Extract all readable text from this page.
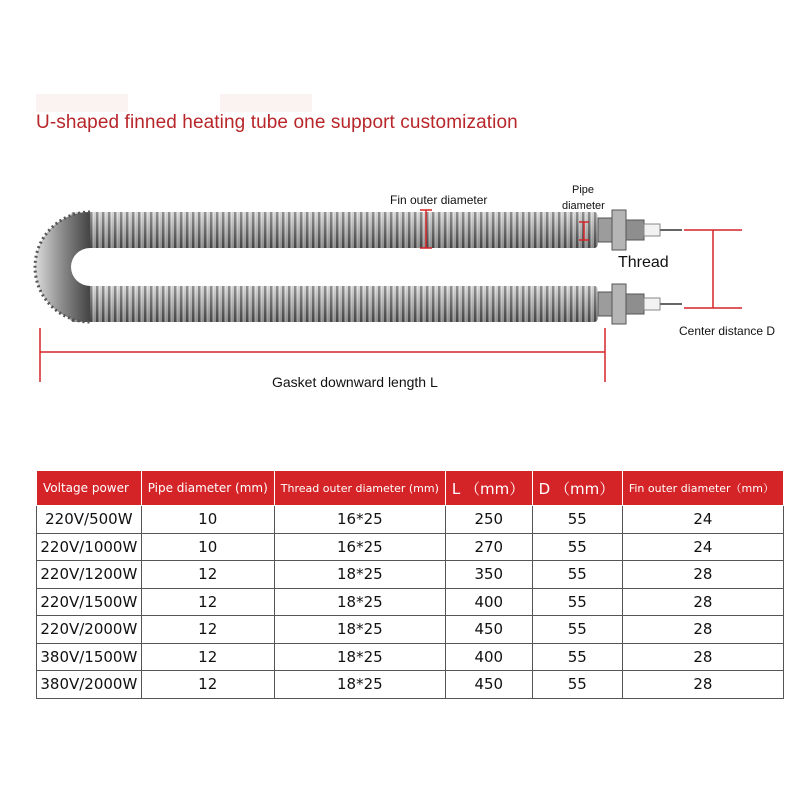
U-shaped finned heating tube one support customization
Fin outer diameter
Pipe
diameter
Thread
Center distance D
Gasket downward length L
Voltage power	Pipe diameter (mm)	Thread outer diameter (mm)	L （mm）	D （mm）	Fin outer diameter（mm）
220V/500W	10	16*25	250	55	24
220V/1000W	10	16*25	270	55	24
220V/1200W	12	18*25	350	55	28
220V/1500W	12	18*25	400	55	28
220V/2000W	12	18*25	450	55	28
380V/1500W	12	18*25	400	55	28
380V/2000W	12	18*25	450	55	28
